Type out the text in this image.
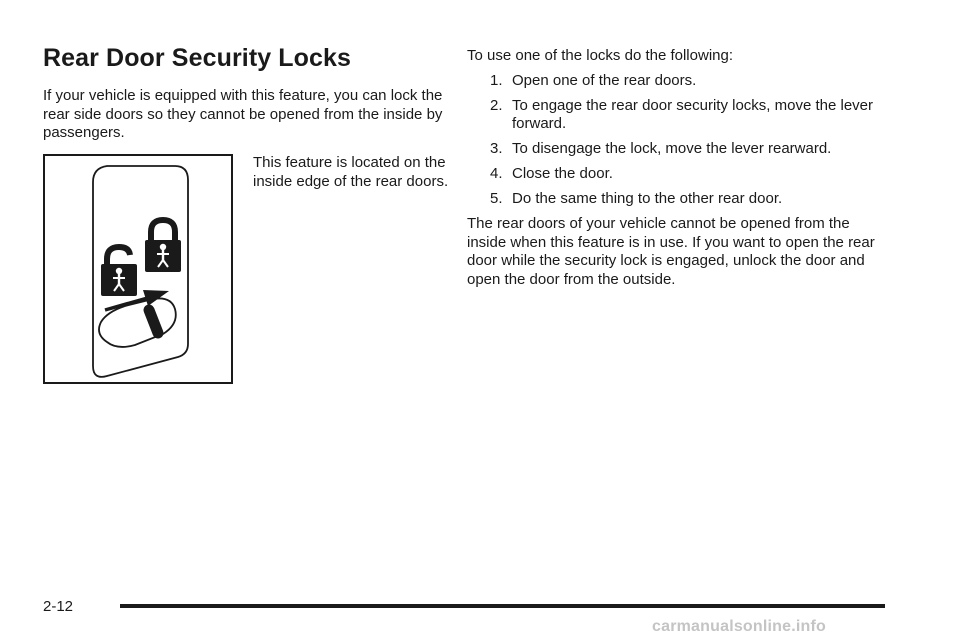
Rear Door Security Locks

If your vehicle is equipped with this feature, you can lock the rear side doors so they cannot be opened from the inside by passengers.

This feature is located on the inside edge of the rear doors.

To use one of the locks do the following:

1. Open one of the rear doors.
2. To engage the rear door security locks, move the lever forward.
3. To disengage the lock, move the lever rearward.
4. Close the door.
5. Do the same thing to the other rear door.

The rear doors of your vehicle cannot be opened from the inside when this feature is in use. If you want to open the rear door while the security lock is engaged, unlock the door and open the door from the outside.

2-12
carmanualsonline.info
